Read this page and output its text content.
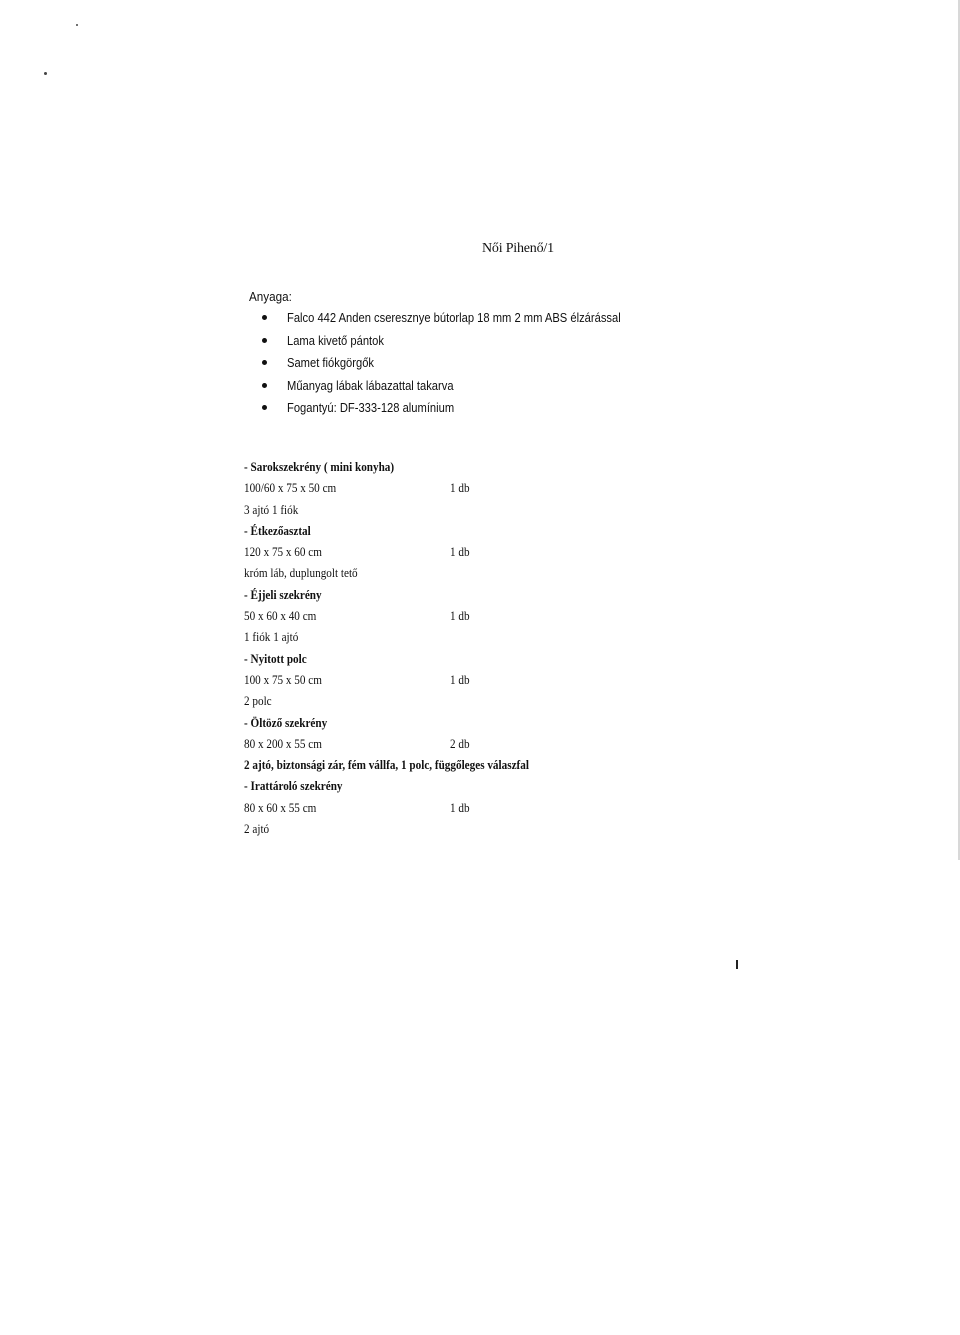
Női Pihenő/1
Anyaga:
Falco 442 Anden cseresznye bútorlap 18 mm 2 mm ABS élzárással
Lama kivető pántok
Samet fiókgörgők
Műanyag lábak lábazattal takarva
Fogantyú: DF-333-128 alumínium
- Sarokszekrény ( mini konyha)
100/60 x 75 x 50 cm	1 db
3 ajtó 1 fiók
- Étkezőasztal
120 x 75 x 60 cm	1 db
króm láb, duplungolt tető
- Éjjeli szekrény
50 x 60 x 40 cm	1 db
1 fiók 1 ajtó
- Nyitott polc
100 x 75 x 50 cm	1 db
2 polc
- Öltöző szekrény
80 x 200 x 55 cm	2 db
2 ajtó, biztonsági zár, fém vállfa, 1 polc, függőleges válaszfal
- Irattároló szekrény
80 x 60 x 55 cm	1 db
2 ajtó
